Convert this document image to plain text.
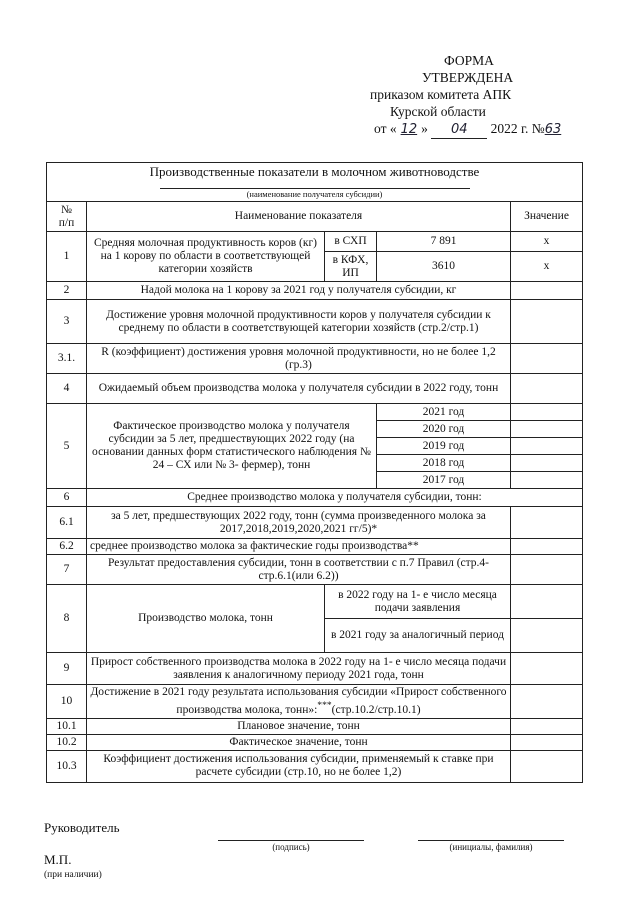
ФОРМА
УТВЕРЖДЕНА
приказом комитета АПК
Курской области
от « 12 » 04 2022 г. №63
Производственные показатели в молочном животноводстве
(наименование получателя субсидии)				

№
п/п	Наименование показателя			Значение
1	Средняя молочная продуктивность коров (кг) на 1 корову по области в соответствующей категории хозяйств	в СХП	7 891	х
		в КФХ, ИП	3610	х
2	Надой молока на 1 корову за 2021 год у получателя субсидии, кг			
3	Достижение уровня молочной продуктивности коров у получателя субсидии к среднему по области в соответствующей категории хозяйств (стр.2/стр.1)			
3.1.	R (коэффициент) достижения уровня молочной продуктивности, но не более 1,2 (гр.3)			
4	Ожидаемый объем производства молока у получателя субсидии в 2022 году, тонн			
5	Фактическое производство молока у получателя субсидии за 5 лет, предшествующих 2022 году (на основании данных форм статистического наблюдения № 24 – СХ или № 3- фермер), тонн		2021 год	
			2020 год	
			2019 год	
			2018 год	
			2017 год	
6	Среднее производство молока у получателя субсидии, тонн:			
6.1	за 5 лет, предшествующих 2022 году, тонн (сумма произведенного молока за 2017,2018,2019,2020,2021 гг/5)*			
6.2	среднее производство молока за фактические годы производства**			
7	Результат предоставления субсидии, тонн в соответствии с п.7 Правил (стр.4- стр.6.1(или 6.2))			
8	Производство молока, тонн	в 2022 году на 1- е число месяца подачи заявления		
		в 2021 году за аналогичный период		
9	Прирост собственного производства молока в 2022 году на 1- е число месяца подачи заявления к аналогичному периоду 2021 года, тонн			
10	Достижение в 2021 году результата использования субсидии «Прирост собственного производства молока, тонн»:***(стр.10.2/стр.10.1)			
10.1	Плановое значение, тонн			
10.2	Фактическое значение, тонн			
10.3	Коэффициент достижения использования субсидии, применяемый к ставке при расчете субсидии (стр.10, но не более 1,2)			
Руководитель
(подпись)	(инициалы, фамилия)
М.П.
(при наличии)
